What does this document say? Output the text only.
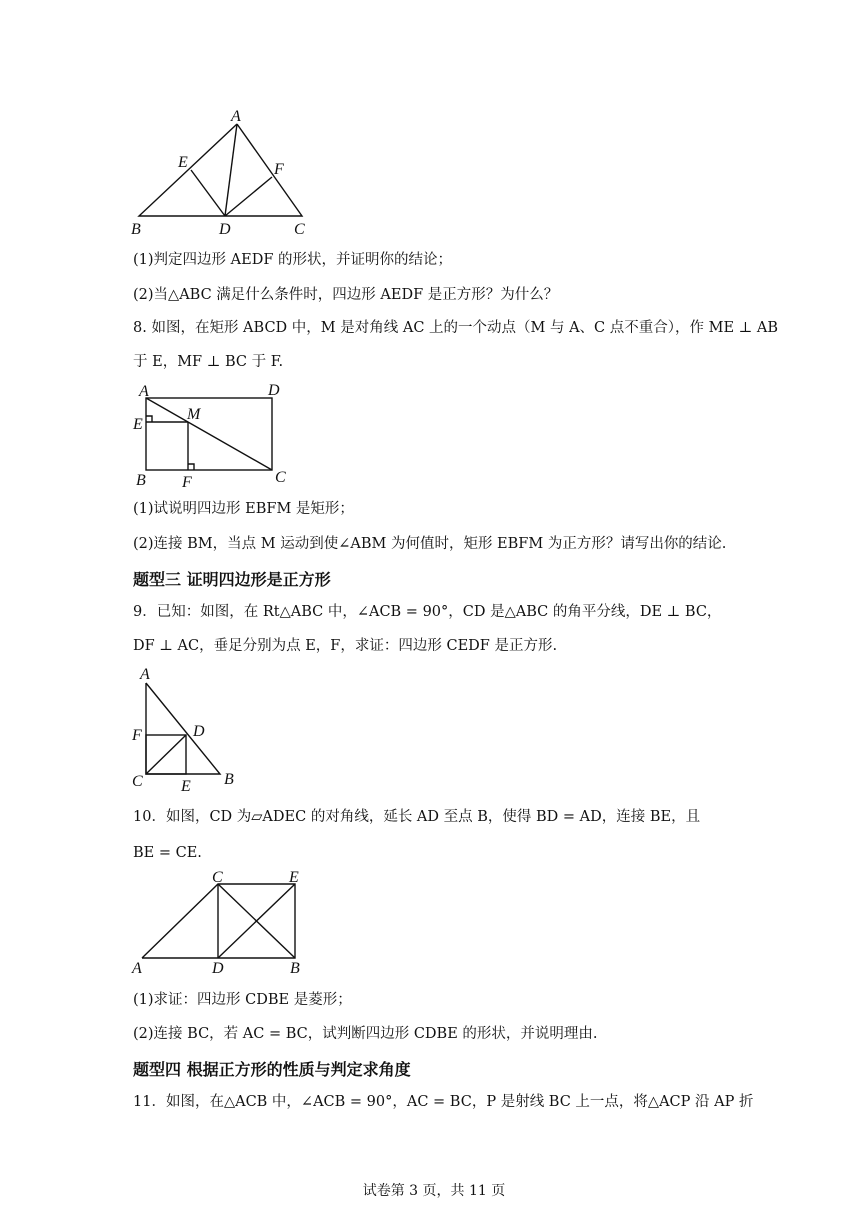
A
E	F
B	D	C
(1)判定四边形 AEDF 的形状，并证明你的结论；
(2)当△ABC 满足什么条件时，四边形 AEDF 是正方形？为什么？
8. 如图，在矩形 ABCD 中，M 是对角线 AC 上的一个动点（M 与 A、C 点不重合），作 ME ⊥ AB
于 E，MF ⊥ BC 于 F.
A	D
M
E
B F	C
(1)试说明四边形 EBFM 是矩形；
(2)连接 BM，当点 M 运动到使∠ABM 为何值时，矩形 EBFM 为正方形？请写出你的结论.
题型三 证明四边形是正方形
9．已知：如图，在 Rt△ABC 中，∠ACB = 90°，CD 是△ABC 的角平分线，DE ⊥ BC，
DF ⊥ AC，垂足分别为点 E，F，求证：四边形 CEDF 是正方形.
A
D
F
C E B
10．如图，CD 为▱ADEC 的对角线，延长 AD 至点 B，使得 BD = AD，连接 BE，且
BE = CE.
C	E
A	D	B
(1)求证：四边形 CDBE 是菱形；
(2)连接 BC，若 AC = BC，试判断四边形 CDBE 的形状，并说明理由.
题型四 根据正方形的性质与判定求角度
11．如图，在△ACB 中，∠ACB = 90°，AC = BC，P 是射线 BC 上一点，将△ACP 沿 AP 折
试卷第 3 页，共 11 页
